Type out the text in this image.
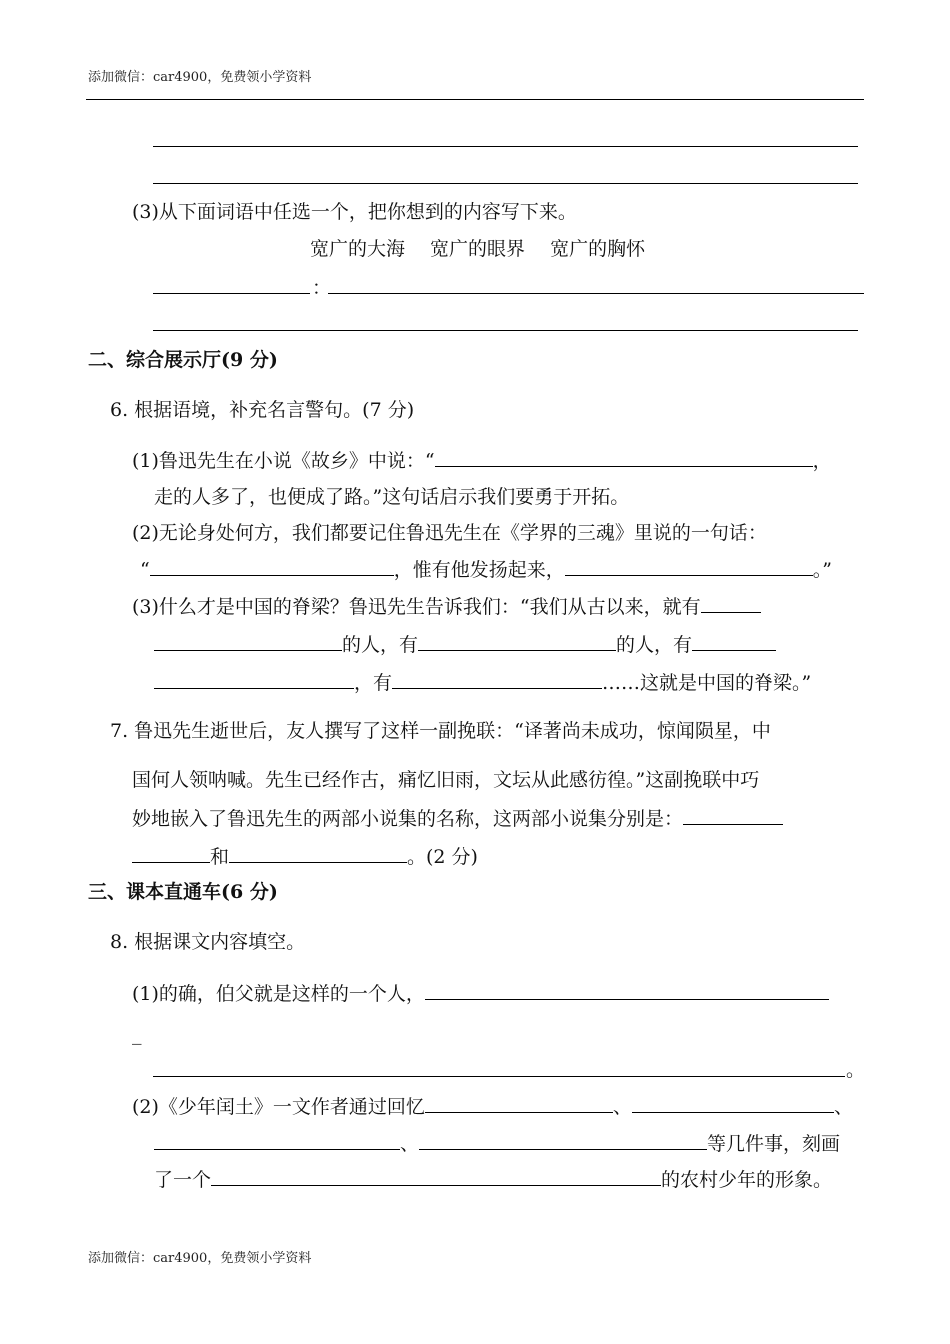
添加微信：car4900，免费领小学资料
(3)从下面词语中任选一个，把你想到的内容写下来。
宽广的大海　 宽广的眼界　 宽广的胸怀
：
二、综合展示厅(9 分)
6. 根据语境，补充名言警句。(7 分)
(1)鲁迅先生在小说《故乡》中说：“	，
走的人多了，也便成了路。”这句话启示我们要勇于开拓。
(2)无论身处何方，我们都要记住鲁迅先生在《学界的三魂》里说的一句话：
“	，惟有他发扬起来，	。”
(3)什么才是中国的脊梁？鲁迅先生告诉我们：“我们从古以来，就有
的人，有	的人，有
，有	……这就是中国的脊梁。”
7. 鲁迅先生逝世后，友人撰写了这样一副挽联：“译著尚未成功，惊闻陨星，中
国何人领呐喊。先生已经作古，痛忆旧雨，文坛从此感彷徨。”这副挽联中巧
妙地嵌入了鲁迅先生的两部小说集的名称，这两部小说集分别是：
和	。(2 分)
三、课本直通车(6 分)
8. 根据课文内容填空。
(1)的确，伯父就是这样的一个人，
_
。
(2)《少年闰土》一文作者通过回忆	、	、
、	等几件事，刻画
了一个	的农村少年的形象。
添加微信：car4900，免费领小学资料
